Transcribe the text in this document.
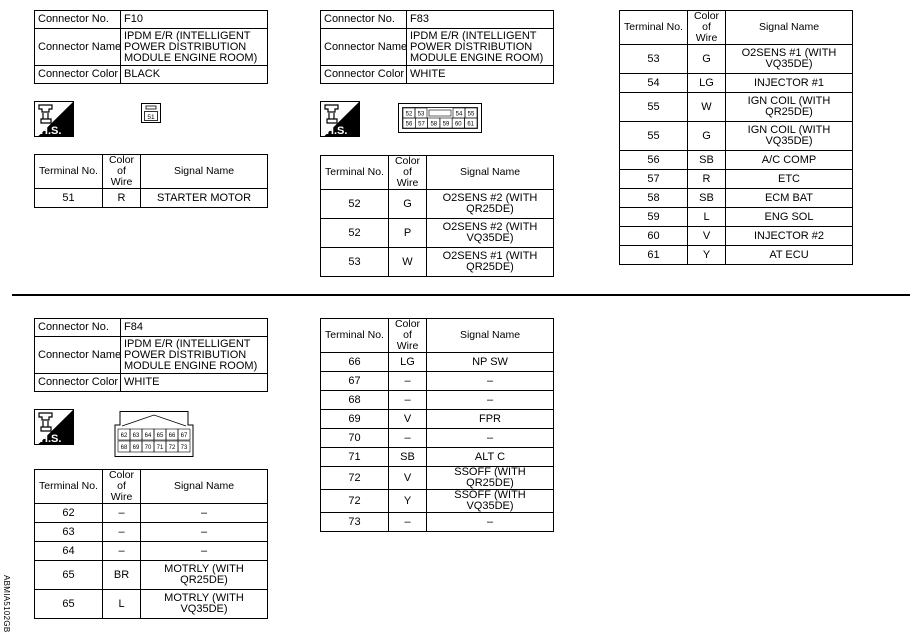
Connector No.	F10
Connector Name	IPDM E/R (INTELLIGENT POWER DISTRIBUTION MODULE ENGINE ROOM)
Connector Color	BLACK
H.S.
51
Terminal No.	Color of Wire	Signal Name
51	R	STARTER MOTOR
Connector No.	F83
Connector Name	IPDM E/R (INTELLIGENT POWER DISTRIBUTION MODULE ENGINE ROOM)
Connector Color	WHITE
H.S.
52 53	54 55
56 57 58 59 60 61
Terminal No.	Color of Wire	Signal Name
52	G	O2SENS #2 (WITH QR25DE)
52	P	O2SENS #2 (WITH VQ35DE)
53	W	O2SENS #1 (WITH QR25DE)
Terminal No.	Color of Wire	Signal Name
53	G	O2SENS #1 (WITH VQ35DE)
54	LG	INJECTOR #1
55	W	IGN COIL (WITH QR25DE)
55	G	IGN COIL (WITH VQ35DE)
56	SB	A/C COMP
57	R	ETC
58	SB	ECM BAT
59	L	ENG SOL
60	V	INJECTOR #2
61	Y	AT ECU
Connector No.	F84
Connector Name	IPDM E/R (INTELLIGENT POWER DISTRIBUTION MODULE ENGINE ROOM)
Connector Color	WHITE
H.S.	62 63 64 65 66 67
68 69 70 71 72 73
Terminal No.	Color of Wire	Signal Name
62	–	–
63	–	–
64	–	–
65	BR	MOTRLY (WITH QR25DE)
65	L	MOTRLY (WITH VQ35DE)
Terminal No.	Color of Wire	Signal Name
66	LG	NP SW
67	–	–
68	–	–
69	V	FPR
70	–	–
71	SB	ALT C
72	V	SSOFF (WITH QR25DE)
72	Y	SSOFF (WITH VQ35DE)
73	–	–
ABMIA5102GB
